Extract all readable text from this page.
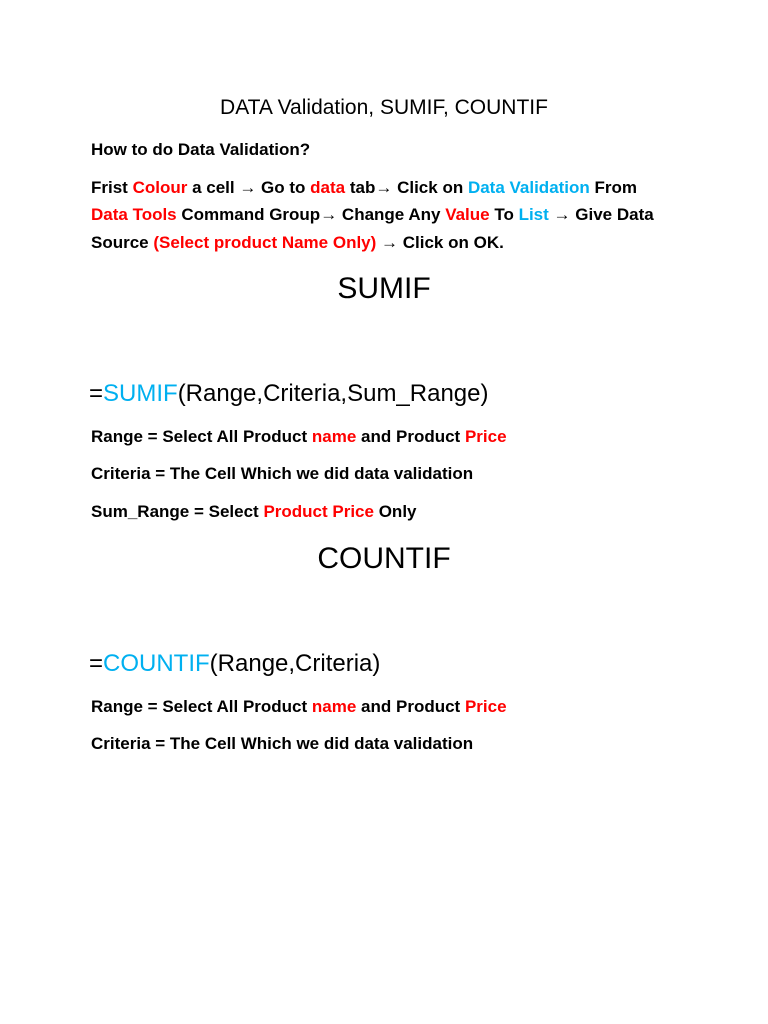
DATA Validation, SUMIF, COUNTIF
How to do Data Validation?
Frist Colour a cell → Go to data tab→ Click on Data Validation From
Data Tools Command Group→ Change Any Value To List → Give Data
Source (Select product Name Only) → Click on OK.
SUMIF
=SUMIF(Range,Criteria,Sum_Range)
Range = Select All Product name and Product Price
Criteria = The Cell Which we did data validation
Sum_Range = Select Product Price Only
COUNTIF
=COUNTIF(Range,Criteria)
Range = Select All Product name and Product Price
Criteria = The Cell Which we did data validation
